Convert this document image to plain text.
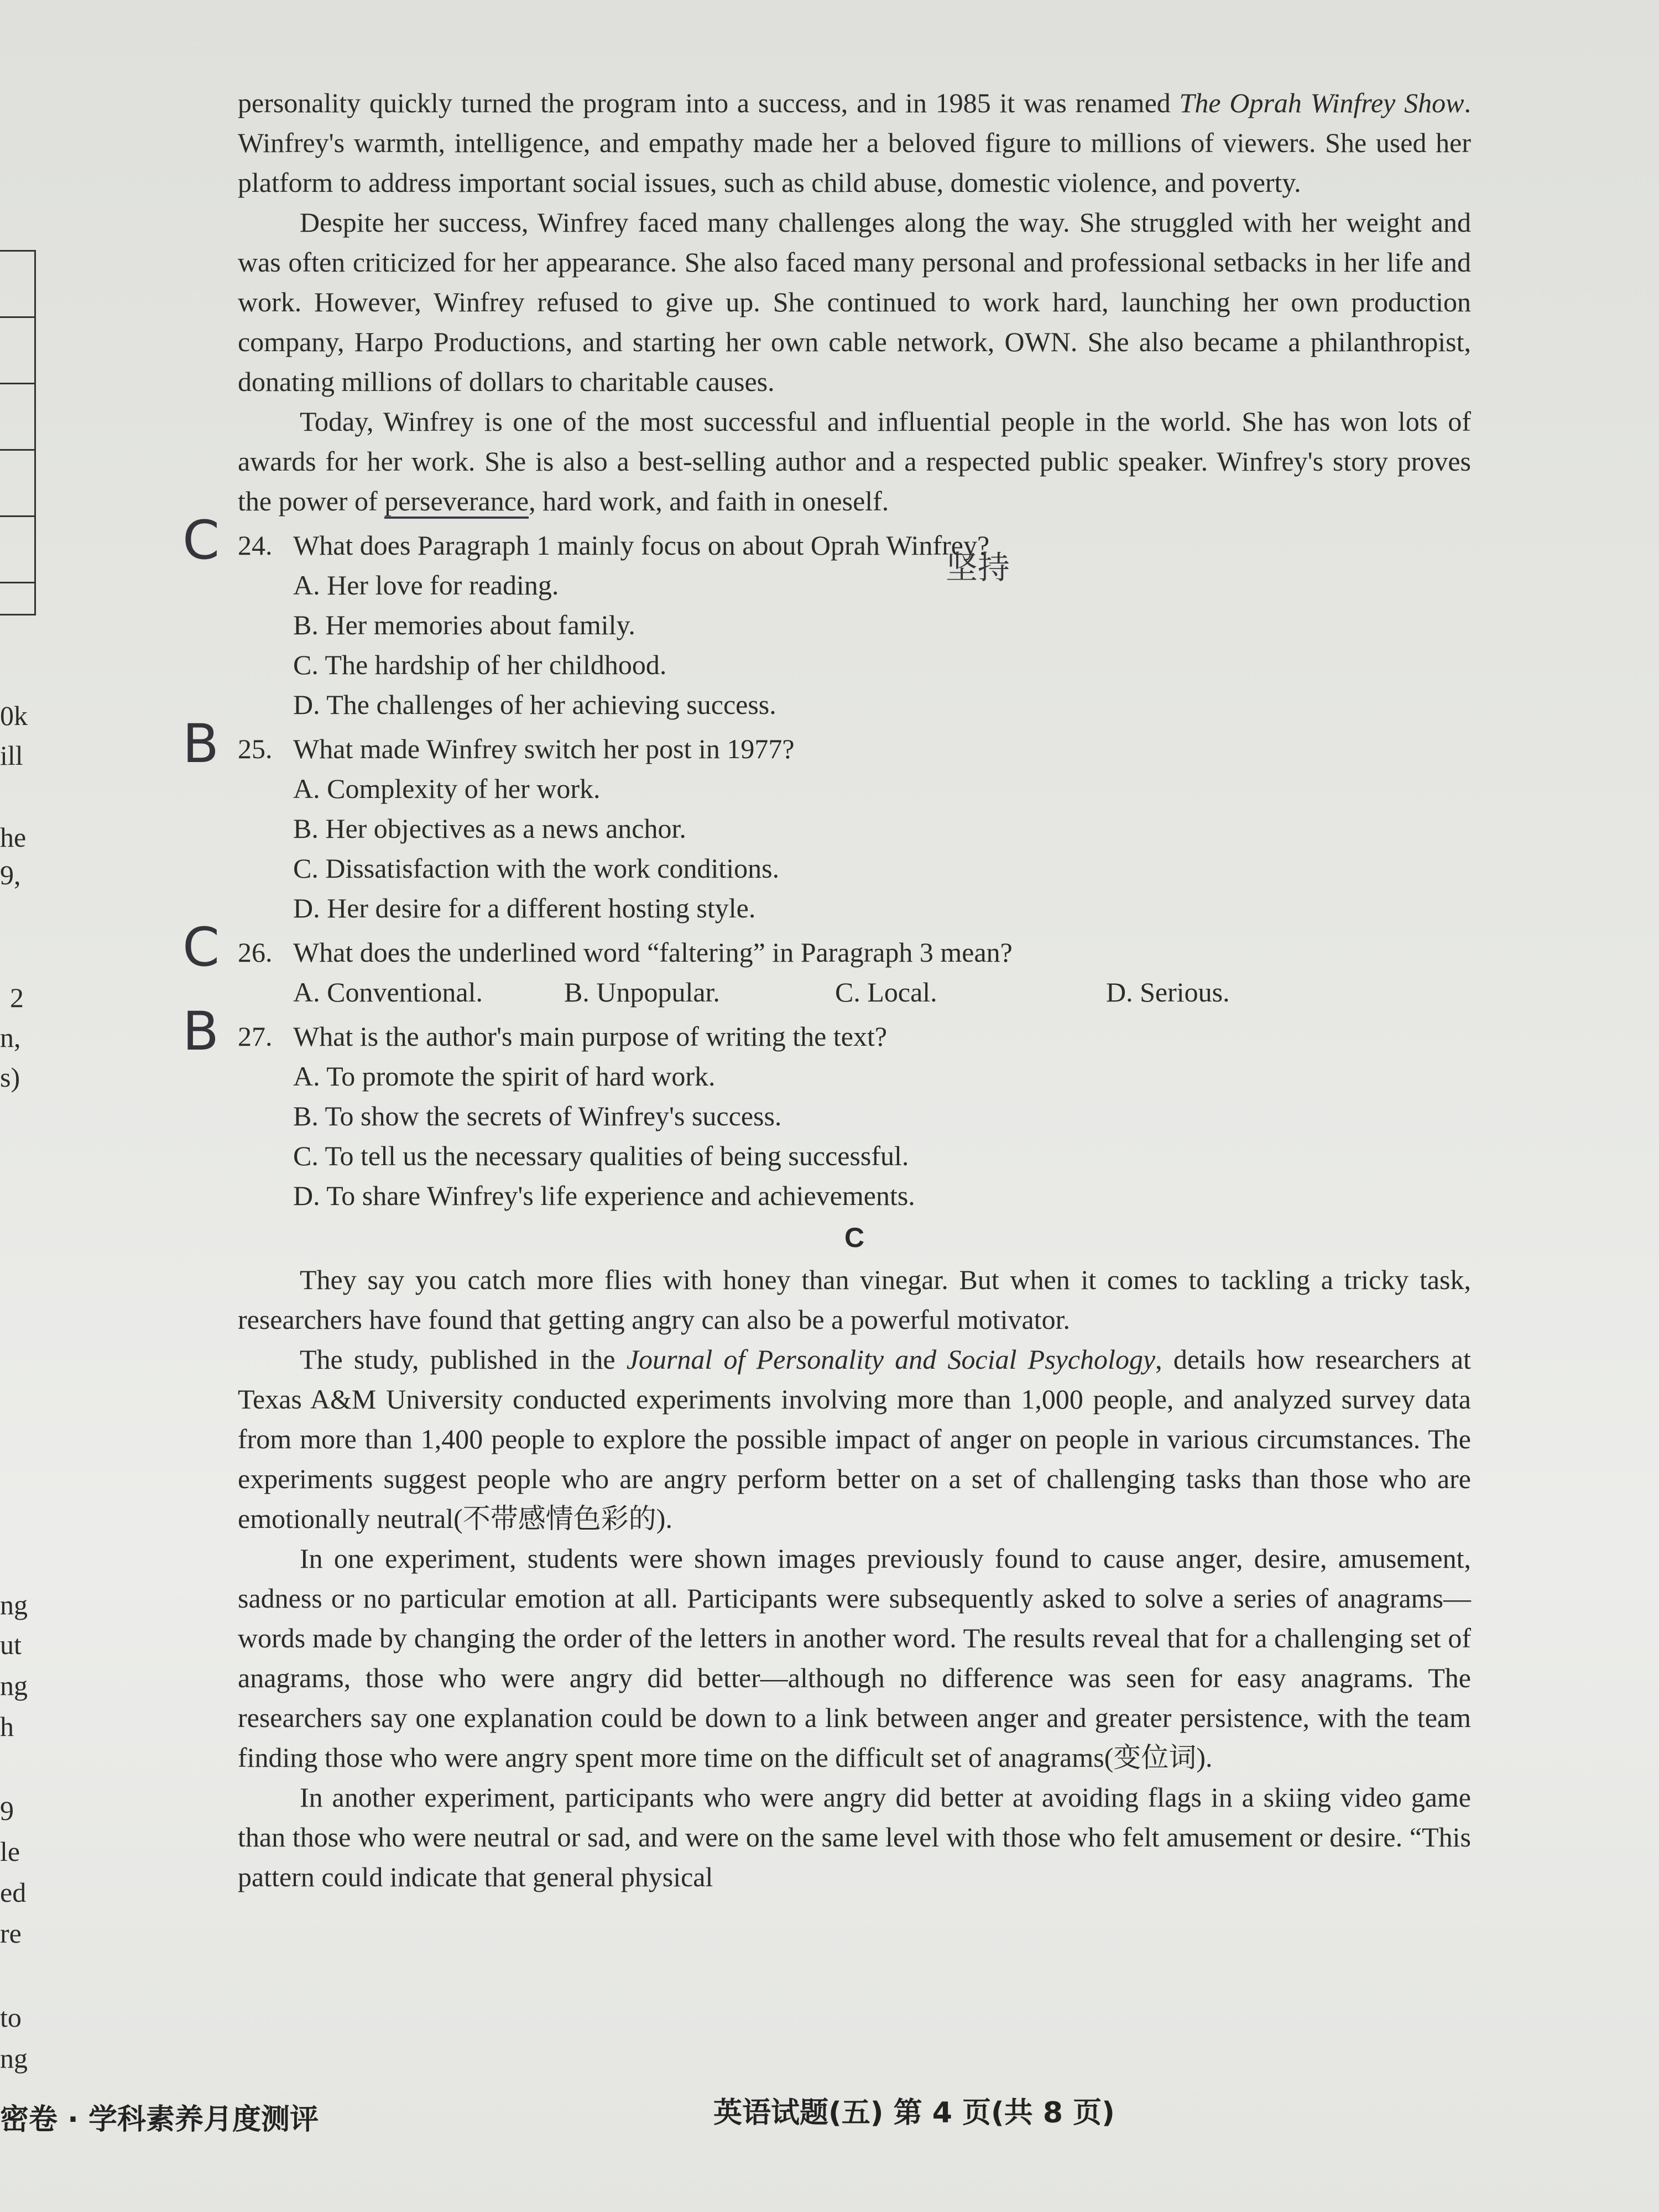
0k
ill
he
9,
2
n,
s)
ng
ut
ng
h
9
le
ed
re
to
ng

personality quickly turned the program into a success, and in 1985 it was renamed The Oprah Winfrey Show. Winfrey's warmth, intelligence, and empathy made her a beloved figure to millions of viewers. She used her platform to address important social issues, such as child abuse, domestic violence, and poverty.

Despite her success, Winfrey faced many challenges along the way. She struggled with her weight and was often criticized for her appearance. She also faced many personal and professional setbacks in her life and work. However, Winfrey refused to give up. She continued to work hard, launching her own production company, Harpo Productions, and starting her own cable network, OWN. She also became a philanthropist, donating millions of dollars to charitable causes.

Today, Winfrey is one of the most successful and influential people in the world. She has won lots of awards for her work. She is also a best-selling author and a respected public speaker. Winfrey's story proves the power of perseverance, hard work, and faith in oneself.

C 24. What does Paragraph 1 mainly focus on about Oprah Winfrey?
坚持
A. Her love for reading.
B. Her memories about family.
C. The hardship of her childhood.
D. The challenges of her achieving success.
B 25. What made Winfrey switch her post in 1977?
A. Complexity of her work.
B. Her objectives as a news anchor.
C. Dissatisfaction with the work conditions.
D. Her desire for a different hosting style.
C 26. What does the underlined word “faltering” in Paragraph 3 mean?
A. Conventional.	B. Unpopular.	C. Local.	D. Serious.
B 27. What is the author's main purpose of writing the text?
A. To promote the spirit of hard work.
B. To show the secrets of Winfrey's success.
C. To tell us the necessary qualities of being successful.
D. To share Winfrey's life experience and achievements.
C

They say you catch more flies with honey than vinegar. But when it comes to tackling a tricky task, researchers have found that getting angry can also be a powerful motivator.

The study, published in the Journal of Personality and Social Psychology, details how researchers at Texas A&M University conducted experiments involving more than 1,000 people, and analyzed survey data from more than 1,400 people to explore the possible impact of anger on people in various circumstances. The experiments suggest people who are angry perform better on a set of challenging tasks than those who are emotionally neutral(不带感情色彩的).

In one experiment, students were shown images previously found to cause anger, desire, amusement, sadness or no particular emotion at all. Participants were subsequently asked to solve a series of anagrams—words made by changing the order of the letters in another word. The results reveal that for a challenging set of anagrams, those who were angry did better—although no difference was seen for easy anagrams. The researchers say one explanation could be down to a link between anger and greater persistence, with the team finding those who were angry spent more time on the difficult set of anagrams(变位词).

In another experiment, participants who were angry did better at avoiding flags in a skiing video game than those who were neutral or sad, and were on the same level with those who felt amusement or desire. “This pattern could indicate that general physical

密卷 · 学科素养月度测评	英语试题(五) 第 4 页(共 8 页)
